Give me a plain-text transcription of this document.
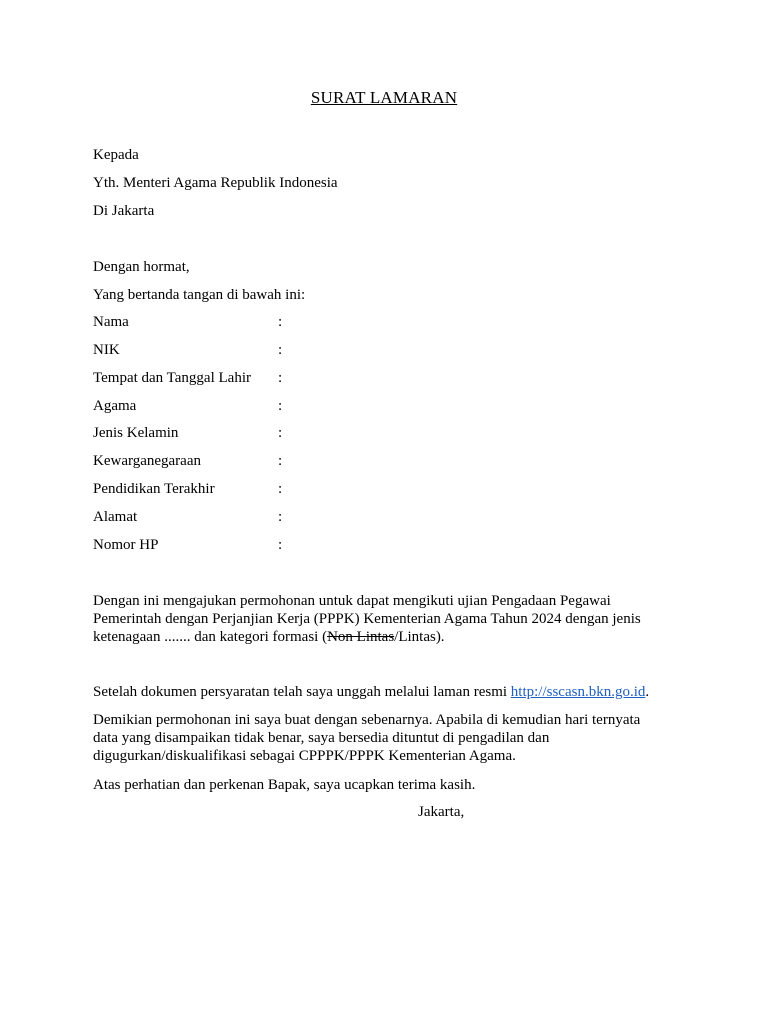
SURAT LAMARAN
Kepada
Yth. Menteri Agama Republik Indonesia
Di Jakarta
Dengan hormat,
Yang bertanda tangan di bawah ini:
Nama	:
NIK	:
Tempat dan Tanggal Lahir :
Agama	:
Jenis Kelamin	:
Kewarganegaraan	:
Pendidikan Terakhir	:
Alamat	:
Nomor HP	:
Dengan ini mengajukan permohonan untuk dapat mengikuti ujian Pengadaan Pegawai
Pemerintah dengan Perjanjian Kerja (PPPK) Kementerian Agama Tahun 2024 dengan jenis
ketenagaan ....... dan kategori formasi (Non Lintas/Lintas).
Setelah dokumen persyaratan telah saya unggah melalui laman resmi http://sscasn.bkn.go.id.
Demikian permohonan ini saya buat dengan sebenarnya. Apabila di kemudian hari ternyata
data yang disampaikan tidak benar, saya bersedia dituntut di pengadilan dan
digugurkan/diskualifikasi sebagai CPPPK/PPPK Kementerian Agama.
Atas perhatian dan perkenan Bapak, saya ucapkan terima kasih.
Jakarta,
